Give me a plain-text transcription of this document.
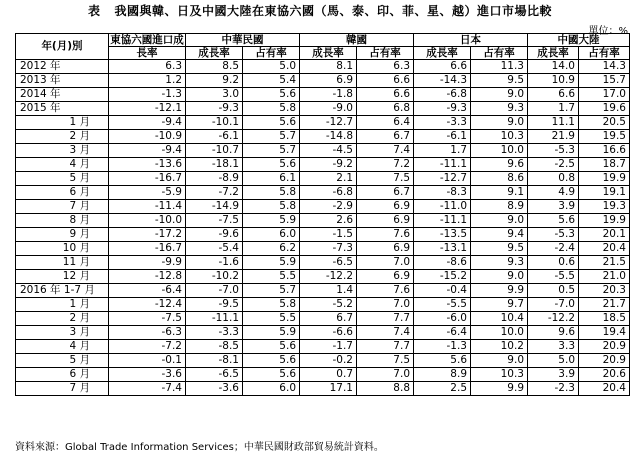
表 我國與韓、日及中國大陸在東協六國（馬、泰、印、菲、星、越）進口市場比較
單位：%
年(月)別	東協六國進口成	中華民國		韓國		日本		中國大陸	
	長率	成長率	占有率	成長率	占有率	成長率	占有率	成長率	占有率
2012 年	6.3	8.5	5.0	8.1	6.3	6.6	11.3	14.0	14.3
2013 年	1.2	9.2	5.4	6.9	6.6	-14.3	9.5	10.9	15.7
2014 年	-1.3	3.0	5.6	-1.8	6.6	-6.8	9.0	6.6	17.0
2015 年	-12.1	-9.3	5.8	-9.0	6.8	-9.3	9.3	1.7	19.6
1 月	-9.4	-10.1	5.6	-12.7	6.4	-3.3	9.0	11.1	20.5
2 月	-10.9	-6.1	5.7	-14.8	6.7	-6.1	10.3	21.9	19.5
3 月	-9.4	-10.7	5.7	-4.5	7.4	1.7	10.0	-5.3	16.6
4 月	-13.6	-18.1	5.6	-9.2	7.2	-11.1	9.6	-2.5	18.7
5 月	-16.7	-8.9	6.1	2.1	7.5	-12.7	8.6	0.8	19.9
6 月	-5.9	-7.2	5.8	-6.8	6.7	-8.3	9.1	4.9	19.1
7 月	-11.4	-14.9	5.8	-2.9	6.9	-11.0	8.9	3.9	19.3
8 月	-10.0	-7.5	5.9	2.6	6.9	-11.1	9.0	5.6	19.9
9 月	-17.2	-9.6	6.0	-1.5	7.6	-13.5	9.4	-5.3	20.1
10 月	-16.7	-5.4	6.2	-7.3	6.9	-13.1	9.5	-2.4	20.4
11 月	-9.9	-1.6	5.9	-6.5	7.0	-8.6	9.3	0.6	21.5
12 月	-12.8	-10.2	5.5	-12.2	6.9	-15.2	9.0	-5.5	21.0
2016 年 1-7 月	-6.4	-7.0	5.7	1.4	7.6	-0.4	9.9	0.5	20.3
1 月	-12.4	-9.5	5.8	-5.2	7.0	-5.5	9.7	-7.0	21.7
2 月	-7.5	-11.1	5.5	6.7	7.7	-6.0	10.4	-12.2	18.5
3 月	-6.3	-3.3	5.9	-6.6	7.4	-6.4	10.0	9.6	19.4
4 月	-7.2	-8.5	5.6	-1.7	7.7	-1.3	10.2	3.3	20.9
5 月	-0.1	-8.1	5.6	-0.2	7.5	5.6	9.0	5.0	20.9
6 月	-3.6	-6.5	5.6	0.7	7.0	8.9	10.3	3.9	20.6
7 月	-7.4	-3.6	6.0	17.1	8.8	2.5	9.9	-2.3	20.4
資料來源：Global Trade Information Services；中華民國財政部貿易統計資料。
